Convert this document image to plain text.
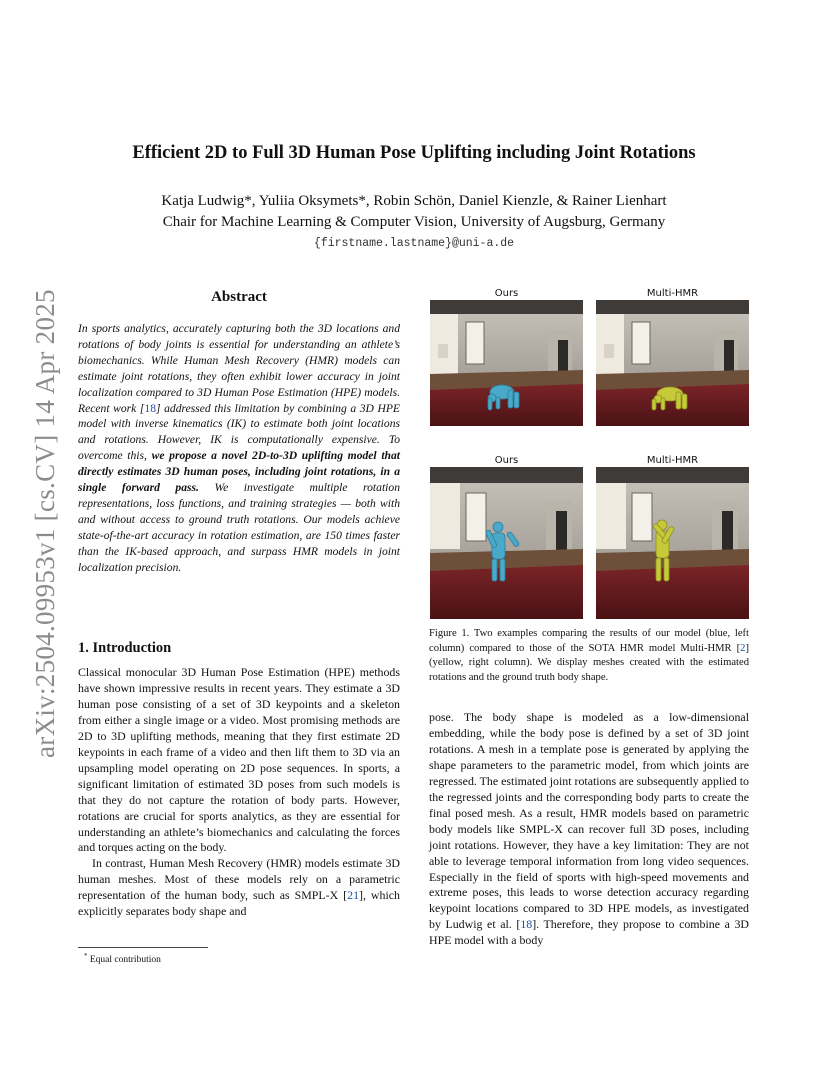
arXiv:2504.09953v1 [cs.CV] 14 Apr 2025
Efficient 2D to Full 3D Human Pose Uplifting including Joint Rotations
Katja Ludwig*, Yuliia Oksymets*, Robin Schön, Daniel Kienzle, & Rainer Lienhart
Chair for Machine Learning & Computer Vision, University of Augsburg, Germany
{firstname.lastname}@uni-a.de
Abstract
In sports analytics, accurately capturing both the 3D locations and rotations of body joints is essential for understanding an athlete’s biomechanics. While Human Mesh Recovery (HMR) models can estimate joint rotations, they often exhibit lower accuracy in joint localization compared to 3D Human Pose Estimation (HPE) models. Recent work [18] addressed this limitation by combining a 3D HPE model with inverse kinematics (IK) to estimate both joint locations and rotations. However, IK is computationally expensive. To overcome this, we propose a novel 2D-to-3D uplifting model that directly estimates 3D human poses, including joint rotations, in a single forward pass. We investigate multiple rotation representations, loss functions, and training strategies — both with and without access to ground truth rotations. Our models achieve state-of-the-art accuracy in rotation estimation, are 150 times faster than the IK-based approach, and surpass HMR models in joint localization precision.
1. Introduction

Classical monocular 3D Human Pose Estimation (HPE) methods have shown impressive results in recent years. They estimate a 3D human pose consisting of a set of 3D keypoints and a skeleton from either a single image or a video. Most promising methods are 2D to 3D uplifting methods, meaning that they first estimate 2D keypoints in each frame of a video and then lift them to 3D via an upsampling model operating on 2D pose sequences. In sports, a significant limitation of estimated 3D poses from such models is that they do not capture the rotation of body parts. However, rotations are crucial for sports analytics, as they are essential for understanding an athlete’s biomechanics and calculating the forces and torques acting on the body.

In contrast, Human Mesh Recovery (HMR) models estimate 3D human meshes. Most of these models rely on a parametric representation of the human body, such as SMPL-X [21], which explicitly separates body shape and

* Equal contribution
Ours	Multi-HMR
Ours	Multi-HMR
Figure 1. Two examples comparing the results of our model (blue, left column) compared to those of the SOTA HMR model Multi-HMR [2] (yellow, right column). We display meshes created with the estimated rotations and the ground truth body shape.

pose. The body shape is modeled as a low-dimensional embedding, while the body pose is defined by a set of 3D joint rotations. A mesh in a template pose is generated by applying the shape parameters to the parametric model, from which joints are regressed. The estimated joint rotations are subsequently applied to the regressed joints and the corresponding body parts to create the final posed mesh. As a result, HMR models based on parametric body models like SMPL-X can recover full 3D poses, including joint rotations. However, they have a key limitation: They are not able to leverage temporal information from long video sequences. Especially in the field of sports with high-speed movements and extreme poses, this leads to worse detection accuracy regarding keypoint locations compared to 3D HPE models, as investigated by Ludwig et al. [18]. Therefore, they propose to combine a 3D HPE model with a body
